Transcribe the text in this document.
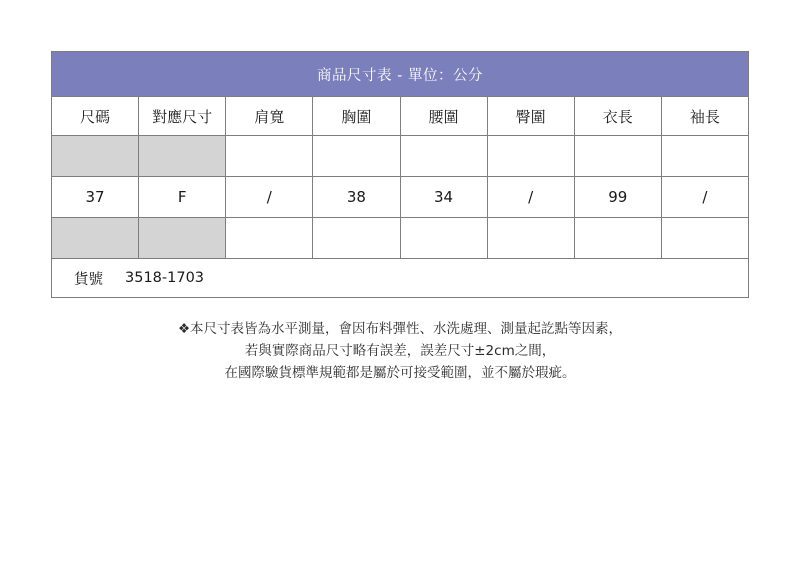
商品尺寸表 - 單位：公分							
尺碼	對應尺寸	肩寬	胸圍	腰圍	臀圍	衣長	袖長

37	F	/	38	34	/	99	/

貨號 3518-1703							
❖本尺寸表皆為水平測量，會因布料彈性、水洗處理、測量起訖點等因素，
若與實際商品尺寸略有誤差，誤差尺寸±2cm之間，
在國際驗貨標準規範都是屬於可接受範圍，並不屬於瑕疵。
